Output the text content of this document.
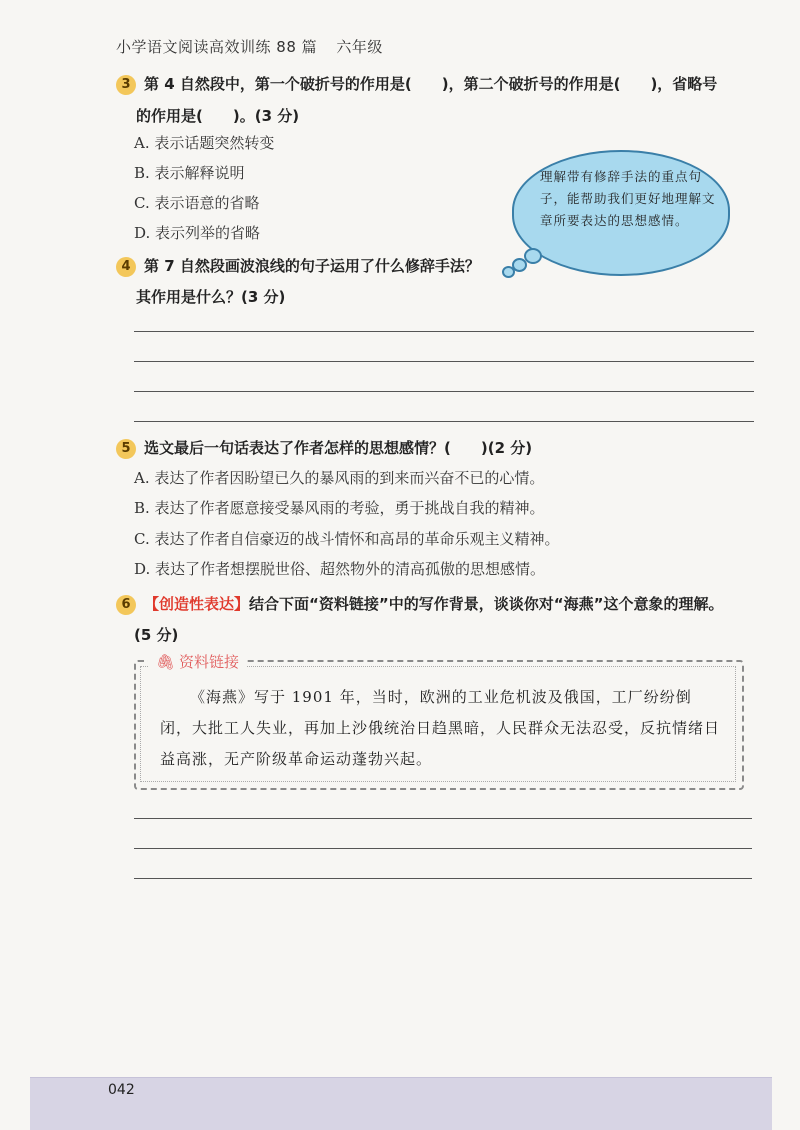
小学语文阅读高效训练 88 篇 六年级
3 第 4 自然段中，第一个破折号的作用是(　　)，第二个破折号的作用是(　　)，省略号
的作用是(　　)。(3 分)
A. 表示话题突然转变
B. 表示解释说明
C. 表示语意的省略
D. 表示列举的省略
理解带有修辞手法的重点句子，能帮助我们更好地理解文章所要表达的思想感情。
4 第 7 自然段画波浪线的句子运用了什么修辞手法？
其作用是什么？(3 分)
5 选文最后一句话表达了作者怎样的思想感情？(　　)(2 分)
A. 表达了作者因盼望已久的暴风雨的到来而兴奋不已的心情。
B. 表达了作者愿意接受暴风雨的考验，勇于挑战自我的精神。
C. 表达了作者自信豪迈的战斗情怀和高昂的革命乐观主义精神。
D. 表达了作者想摆脱世俗、超然物外的清高孤傲的思想感情。
6 【创造性表达】结合下面“资料链接”中的写作背景，谈谈你对“海燕”这个意象的理解。
(5 分)
🖇 资料链接
《海燕》写于 1901 年，当时，欧洲的工业危机波及俄国，工厂纷纷倒闭，大批工人失业，再加上沙俄统治日趋黑暗，人民群众无法忍受，反抗情绪日益高涨，无产阶级革命运动蓬勃兴起。
042
